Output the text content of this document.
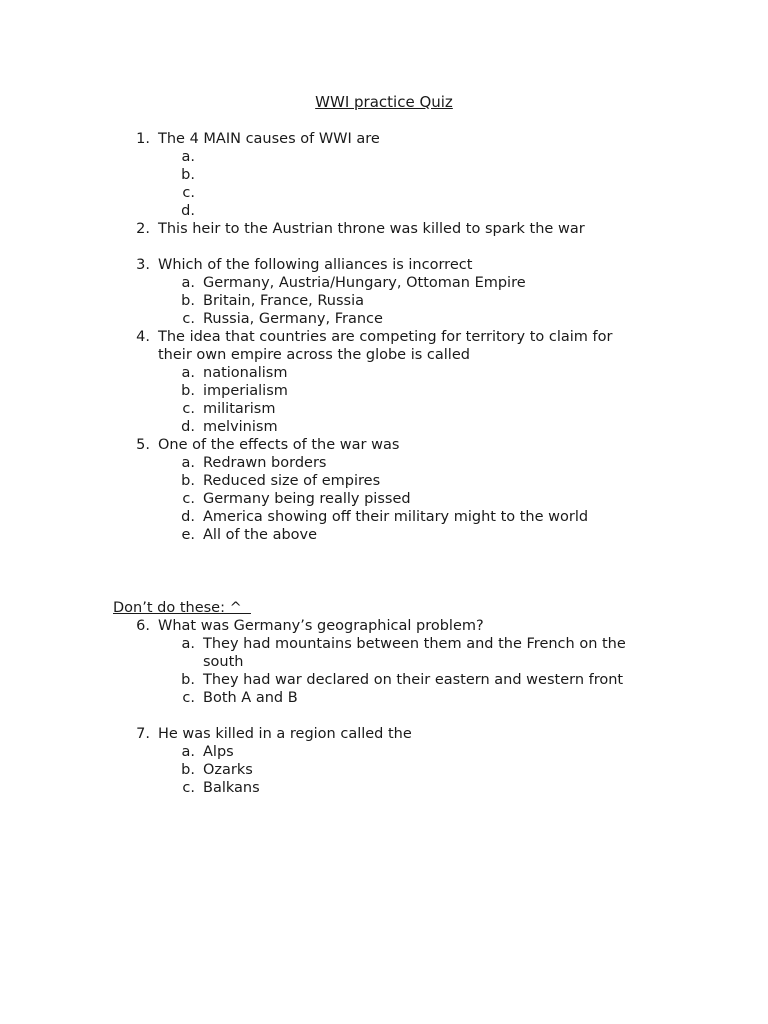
WWI practice Quiz
1. The 4 MAIN causes of WWI are
a.
b.
c.
d.
2. This heir to the Austrian throne was killed to spark the war
3. Which of the following alliances is incorrect
a. Germany, Austria/Hungary, Ottoman Empire
b. Britain, France, Russia
c. Russia, Germany, France
4. The idea that countries are competing for territory to claim for
their own empire across the globe is called
a. nationalism
b. imperialism
c. militarism
d. melvinism
5. One of the effects of the war was
a. Redrawn borders
b. Reduced size of empires
c. Germany being really pissed
d. America showing off their military might to the world
e. All of the above
Don’t do these: ^
6. What was Germany’s geographical problem?
a. They had mountains between them and the French on the
south
b. They had war declared on their eastern and western front
c. Both A and B
7. He was killed in a region called the
a. Alps
b. Ozarks
c. Balkans
